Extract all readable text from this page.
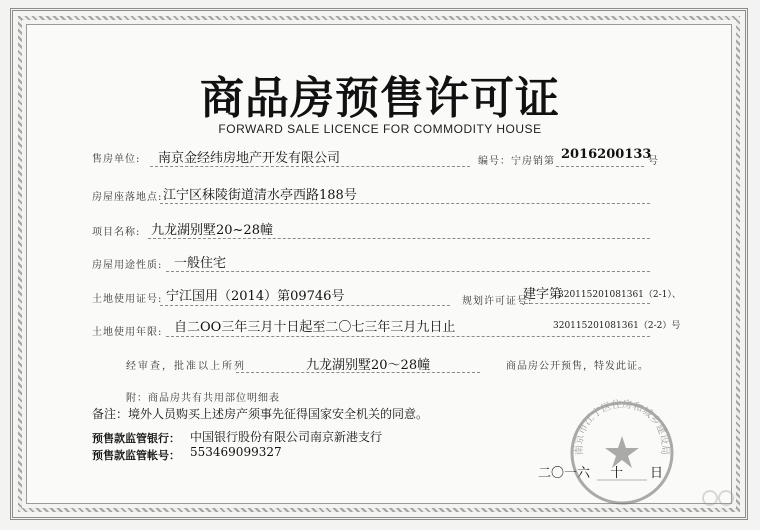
商品房预售许可证
FORWARD SALE LICENCE FOR COMMODITY HOUSE
售房单位: 南京金经纬房地产开发有限公司	编号：宁房销第 2016200133
号
房屋座落地点: 江宁区秣陵街道清水亭西路188号
项目名称: 九龙湖别墅20~28幢
房屋用途性质: 一般住宅
土地使用证号: 宁江国用（2014）第09746号	规划许可证号:
建字第
320115201081361（2-1）、
320115201081361（2-2）号
土地使用年限: 自二OO三年三月十日起至二〇七三年三月九日止
经审查，批准以上所列	九龙湖别墅20～28幢	商品房公开预售，特发此证。
附：商品房共有共用部位明细表
备注：境外人员购买上述房产须事先征得国家安全机关的同意。
预售款监管银行： 中国银行股份有限公司南京新港支行
预售款监管帐号： 553469099327
二〇一六 十 日
南京市江宁区住房和城乡建设局
